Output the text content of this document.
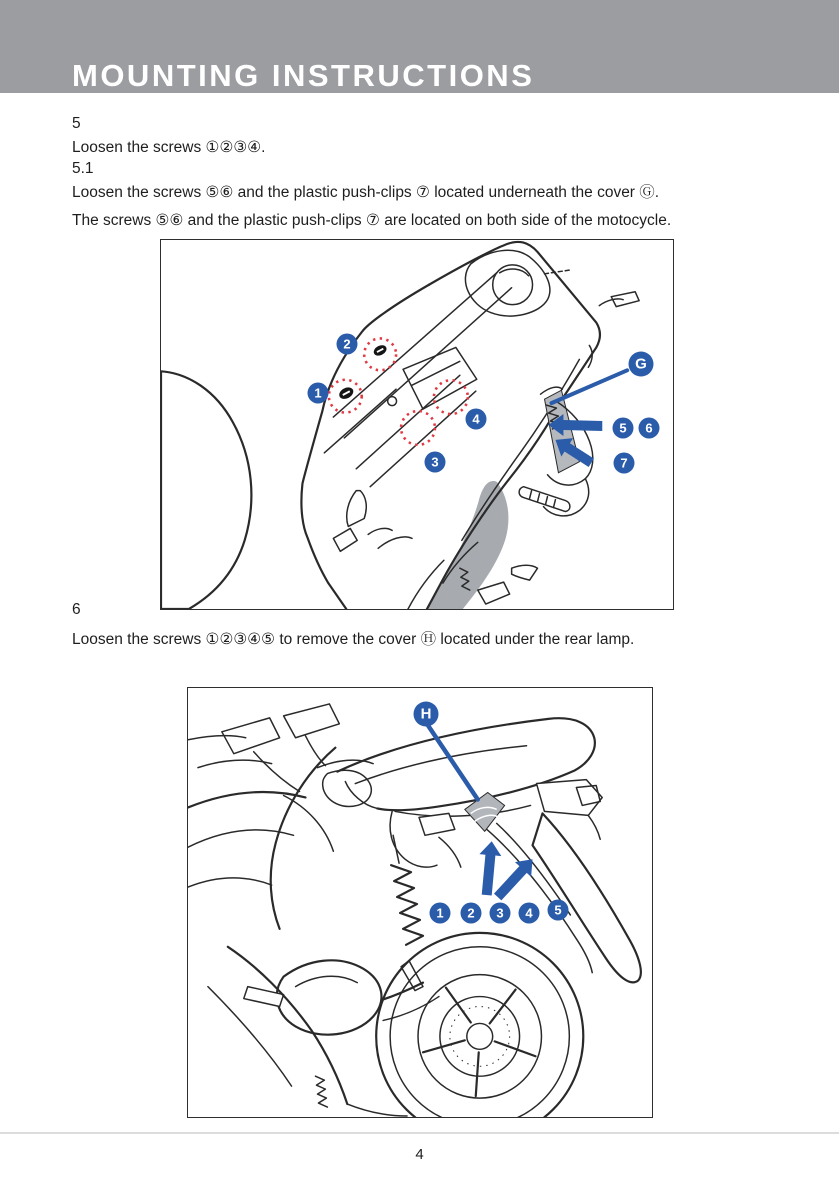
MOUNTING INSTRUCTIONS
5

Loosen the screws ①②③④.

5.1

Loosen the screws ⑤⑥ and the plastic push-clips ⑦ located underneath the cover Ⓖ.

The screws ⑤⑥ and the plastic push-clips ⑦ are located on both side of the motocycle.

1
2
3
4
5	6
7
G
6

Loosen the screws ①②③④⑤ to remove the cover Ⓗ located under the rear lamp.

H
1	2	3	4	5
4
